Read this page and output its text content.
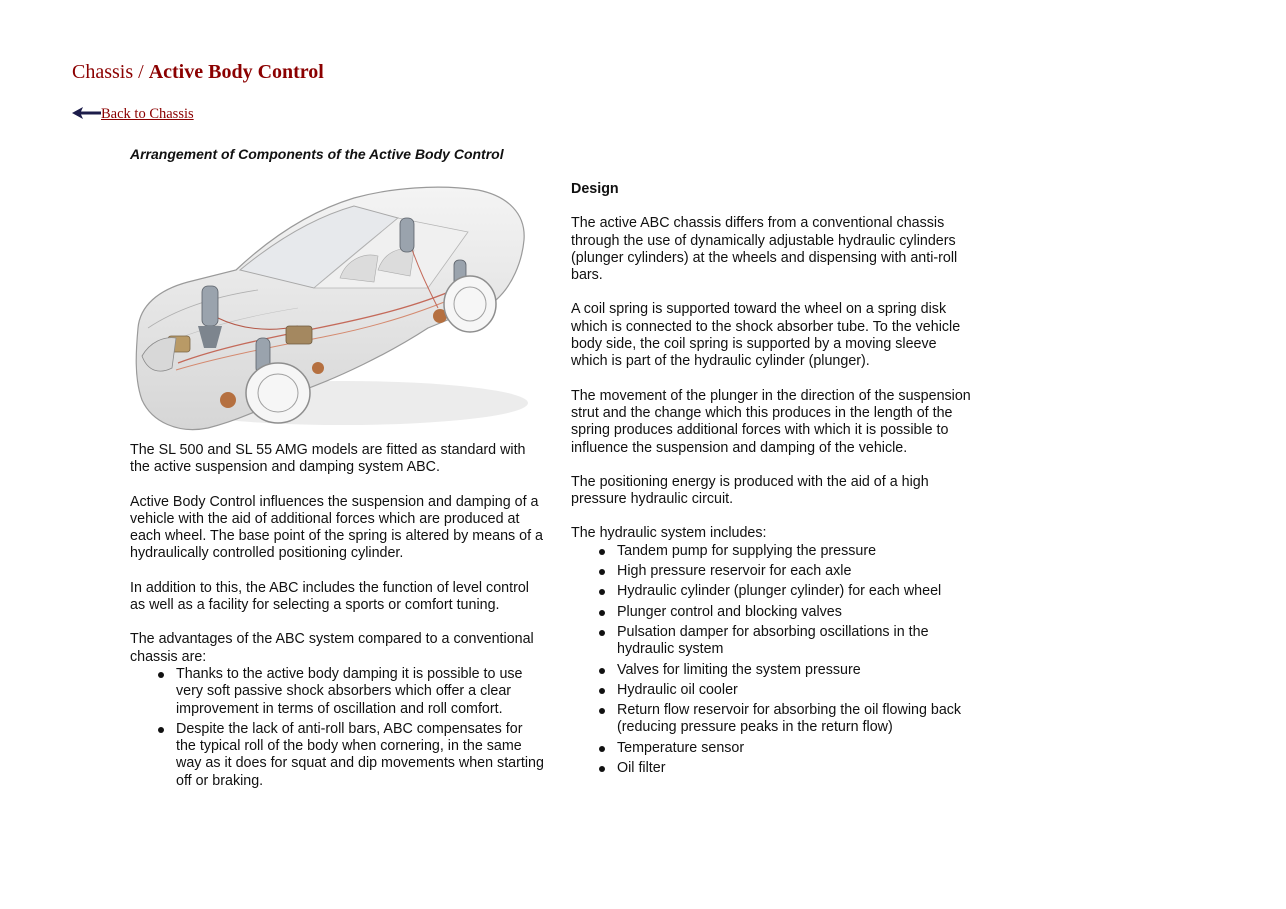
Chassis / Active Body Control
Back to Chassis

Arrangement of Components of the Active Body Control

The SL 500 and SL 55 AMG models are fitted as standard with the active suspension and damping system ABC.

Active Body Control influences the suspension and damping of a vehicle with the aid of additional forces which are produced at each wheel. The base point of the spring is altered by means of a hydraulically controlled positioning cylinder.

In addition to this, the ABC includes the function of level control as well as a facility for selecting a sports or comfort tuning.

The advantages of the ABC system compared to a conventional chassis are:

Thanks to the active body damping it is possible to use very soft passive shock absorbers which offer a clear improvement in terms of oscillation and roll comfort.
Despite the lack of anti-roll bars, ABC compensates for the typical roll of the body when cornering, in the same way as it does for squat and dip movements when starting off or braking.
Design

The active ABC chassis differs from a conventional chassis through the use of dynamically adjustable hydraulic cylinders (plunger cylinders) at the wheels and dispensing with anti-roll bars.

A coil spring is supported toward the wheel on a spring disk which is connected to the shock absorber tube. To the vehicle body side, the coil spring is supported by a moving sleeve which is part of the hydraulic cylinder (plunger).

The movement of the plunger in the direction of the suspension strut and the change which this produces in the length of the spring produces additional forces with which it is possible to influence the suspension and damping of the vehicle.

The positioning energy is produced with the aid of a high pressure hydraulic circuit.

The hydraulic system includes:

Tandem pump for supplying the pressure
High pressure reservoir for each axle
Hydraulic cylinder (plunger cylinder) for each wheel
Plunger control and blocking valves
Pulsation damper for absorbing oscillations in the hydraulic system
Valves for limiting the system pressure
Hydraulic oil cooler
Return flow reservoir for absorbing the oil flowing back (reducing pressure peaks in the return flow)
Temperature sensor
Oil filter
